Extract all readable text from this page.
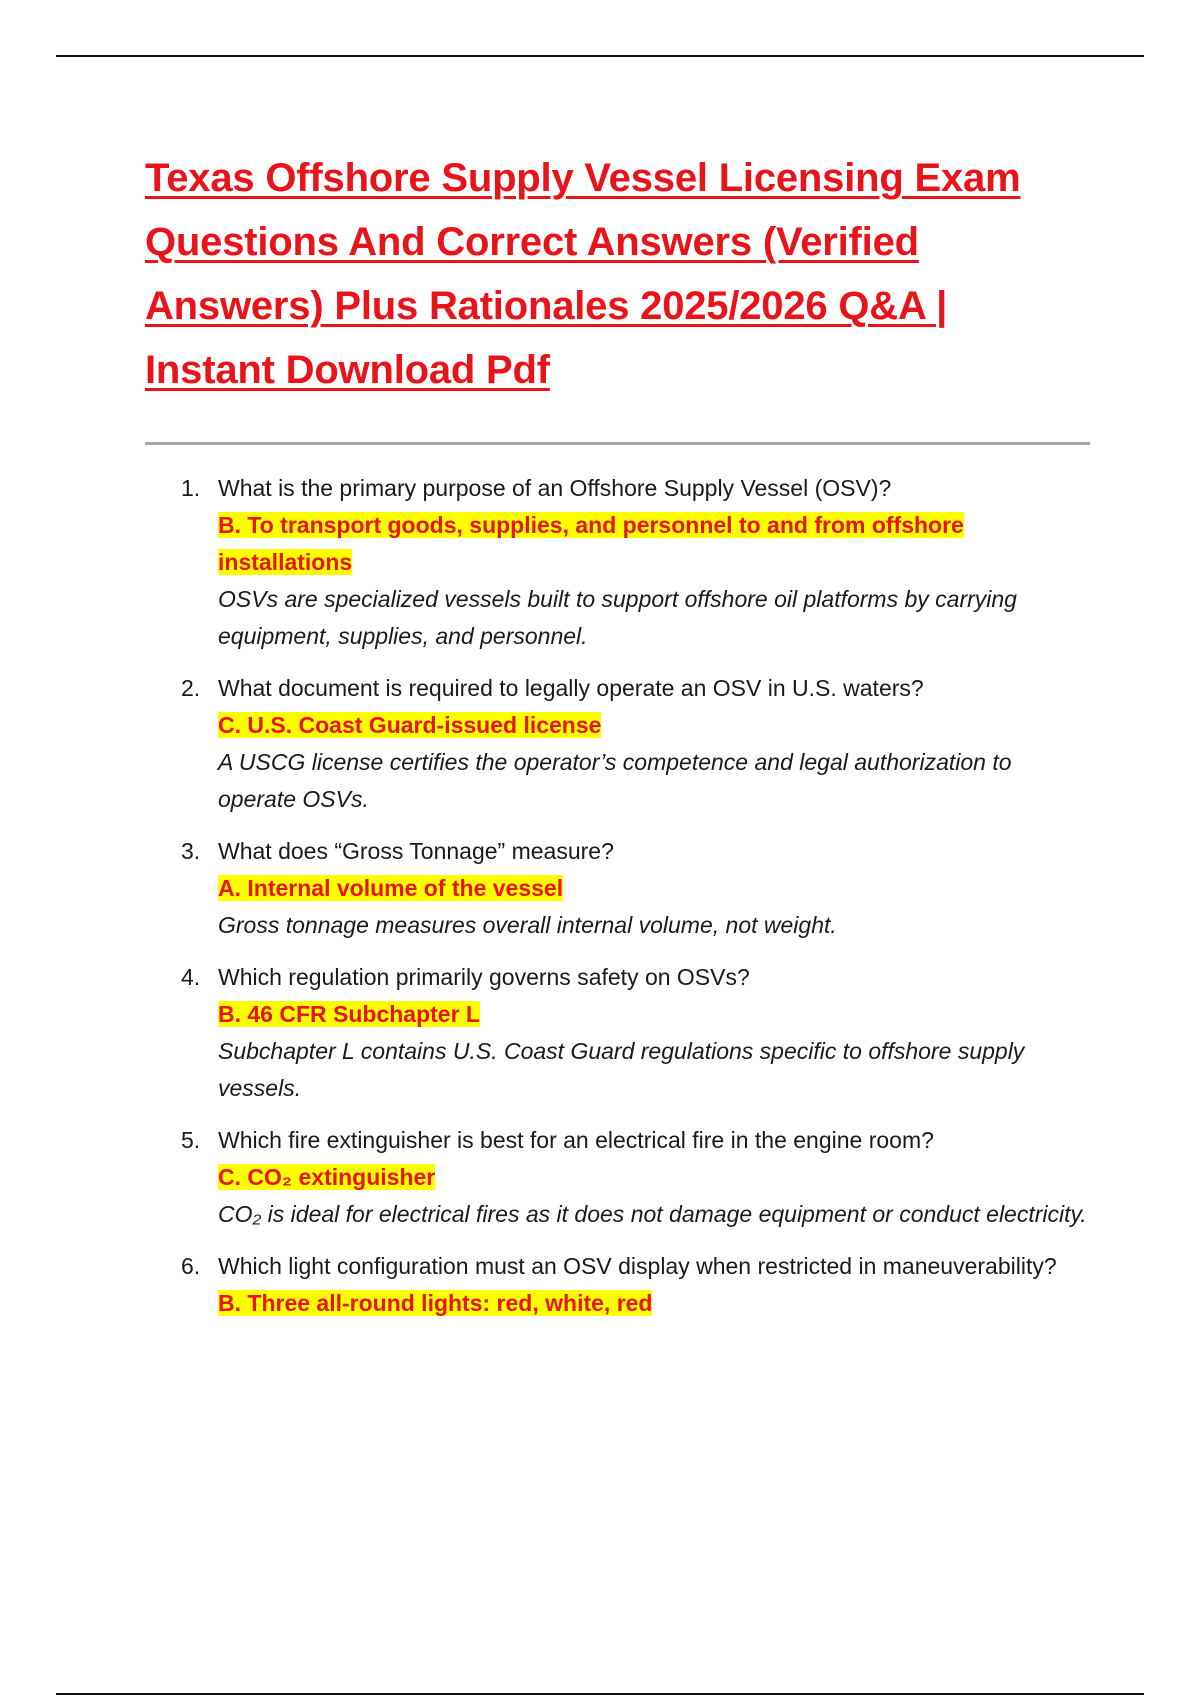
Texas Offshore Supply Vessel Licensing Exam Questions And Correct Answers (Verified Answers) Plus Rationales 2025/2026 Q&A | Instant Download Pdf
1. What is the primary purpose of an Offshore Supply Vessel (OSV)?
B. To transport goods, supplies, and personnel to and from offshore installations
OSVs are specialized vessels built to support offshore oil platforms by carrying equipment, supplies, and personnel.
2. What document is required to legally operate an OSV in U.S. waters?
C. U.S. Coast Guard-issued license
A USCG license certifies the operator’s competence and legal authorization to operate OSVs.
3. What does “Gross Tonnage” measure?
A. Internal volume of the vessel
Gross tonnage measures overall internal volume, not weight.
4. Which regulation primarily governs safety on OSVs?
B. 46 CFR Subchapter L
Subchapter L contains U.S. Coast Guard regulations specific to offshore supply vessels.
5. Which fire extinguisher is best for an electrical fire in the engine room?
C. CO₂ extinguisher
CO₂ is ideal for electrical fires as it does not damage equipment or conduct electricity.
6. Which light configuration must an OSV display when restricted in maneuverability?
B. Three all-round lights: red, white, red
